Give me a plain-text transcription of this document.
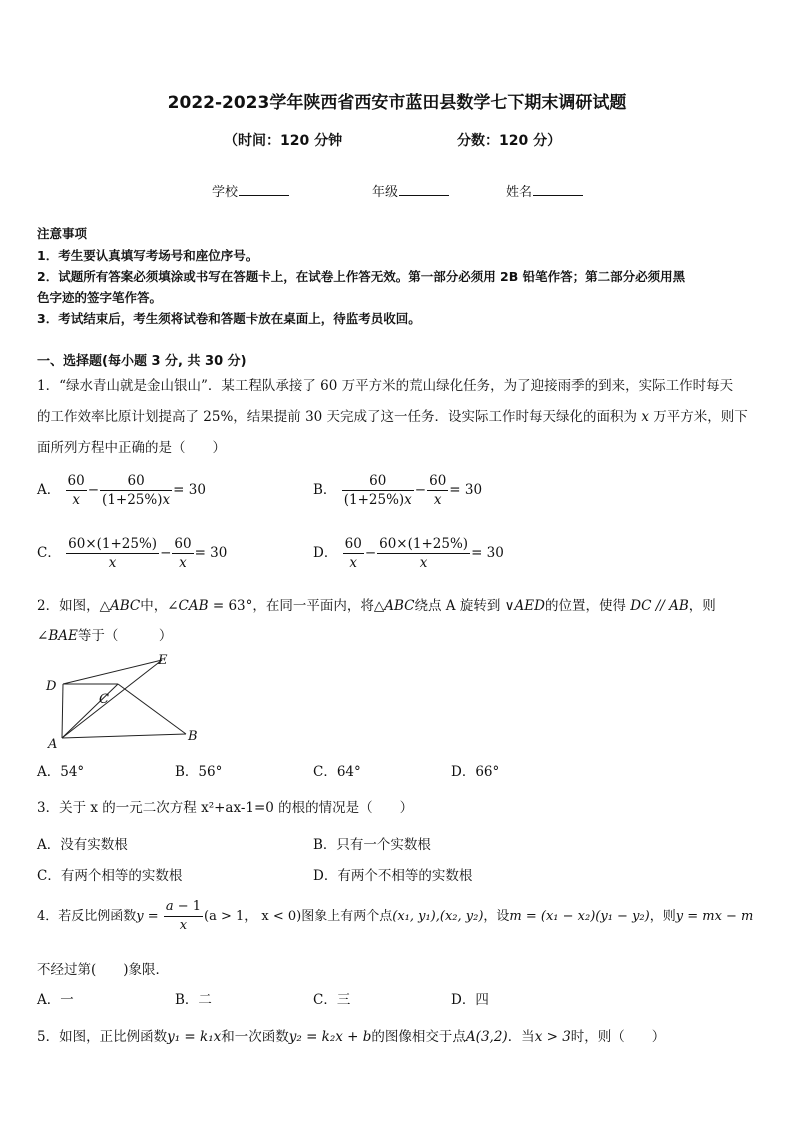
2022-2023学年陕西省西安市蓝田县数学七下期末调研试题
（时间：120 分钟	分数：120 分）
学校	年级	姓名
注意事项
1．考生要认真填写考场号和座位序号。
2．试题所有答案必须填涂或书写在答题卡上，在试卷上作答无效。第一部分必须用 2B 铅笔作答；第二部分必须用黑
色字迹的签字笔作答。
3．考试结束后，考生须将试卷和答题卡放在桌面上，待监考员收回。
一、选择题(每小题 3 分, 共 30 分)
1．“绿水青山就是金山银山”．某工程队承接了 60 万平方米的荒山绿化任务，为了迎接雨季的到来，实际工作时每天
的工作效率比原计划提高了 25%，结果提前 30 天完成了这一任务．设实际工作时每天绿化的面积为 x 万平方米，则下
面所列方程中正确的是（　　）
A． $\frac{60}{x} - \frac{60}{(1+25\%)x} = 30$	B． $\frac{60}{(1+25\%)x} - \frac{60}{x} = 30$
C． $\frac{60\times(1+25\%)}{x} - \frac{60}{x} = 30$	D． $\frac{60}{x} - \frac{60\times(1+25\%)}{x} = 30$
2．如图，△ABC中，∠CAB = 63°，在同一平面内，将△ABC绕点 A 旋转到 ∨AED的位置，使得 DC // AB，则
∠BAE等于（　　　）
A
B
C
D
E
A．54°	B．56°	C．64°	D．66°
3．关于 x 的一元二次方程 x²+ax-1=0 的根的情况是（　　）
A．没有实数根	B．只有一个实数根
C．有两个相等的实数根	D．有两个不相等的实数根
4．若反比例函数$y = \frac{a - 1}{x} (a > 1$， x < 0)图象上有两个点(x₁, y₁),(x₂, y₂)，设m = (x₁ − x₂)(y₁ − y₂)，则y = mx − m
不经过第(　　)象限．
A．一	B．二	C．三	D．四
5．如图，正比例函数y₁ = k₁x和一次函数y₂ = k₂x + b的图像相交于点A(3,2)．当x > 3时，则（　　）
